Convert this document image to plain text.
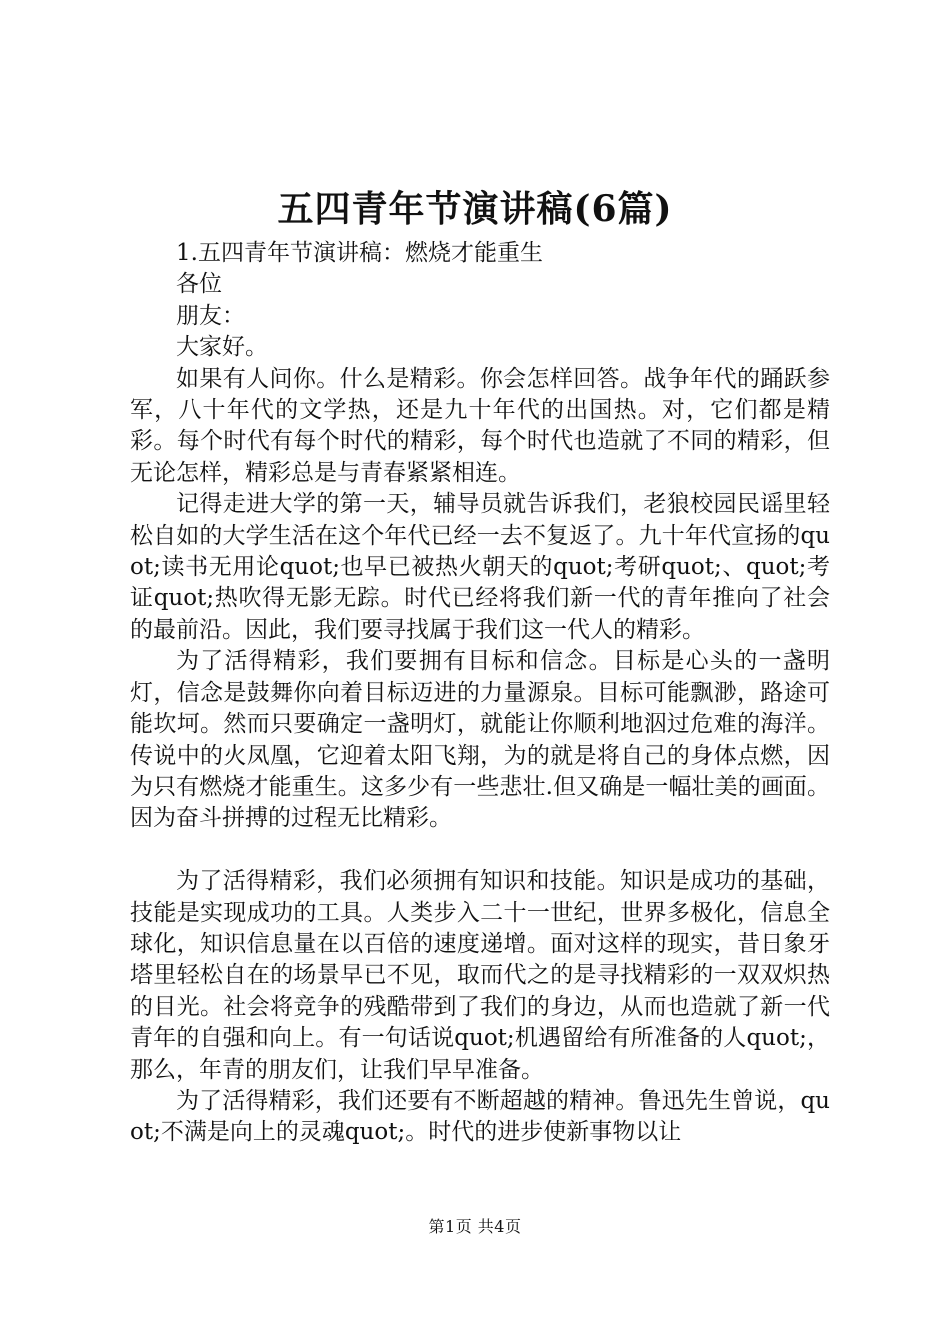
五四青年节演讲稿(6篇)

1.五四青年节演讲稿：燃烧才能重生

各位

朋友：

大家好。

如果有人问你。什么是精彩。你会怎样回答。战争年代的踊跃参军，八十年代的文学热，还是九十年代的出国热。对，它们都是精彩。每个时代有每个时代的精彩，每个时代也造就了不同的精彩，但无论怎样，精彩总是与青春紧紧相连。

记得走进大学的第一天，辅导员就告诉我们，老狼校园民谣里轻松自如的大学生活在这个年代已经一去不复返了。九十年代宣扬的quot;读书无用论quot;也早已被热火朝天的quot;考研quot;、quot;考证quot;热吹得无影无踪。时代已经将我们新一代的青年推向了社会的最前沿。因此，我们要寻找属于我们这一代人的精彩。

为了活得精彩，我们要拥有目标和信念。目标是心头的一盏明灯，信念是鼓舞你向着目标迈进的力量源泉。目标可能飘渺，路途可能坎坷。然而只要确定一盏明灯，就能让你顺利地泅过危难的海洋。传说中的火凤凰，它迎着太阳飞翔，为的就是将自己的身体点燃，因为只有燃烧才能重生。这多少有一些悲壮.但又确是一幅壮美的画面。因为奋斗拼搏的过程无比精彩。

为了活得精彩，我们必须拥有知识和技能。知识是成功的基础，技能是实现成功的工具。人类步入二十一世纪，世界多极化，信息全球化，知识信息量在以百倍的速度递增。面对这样的现实，昔日象牙塔里轻松自在的场景早已不见，取而代之的是寻找精彩的一双双炽热的目光。社会将竞争的残酷带到了我们的身边，从而也造就了新一代青年的自强和向上。有一句话说quot;机遇留给有所准备的人quot;，那么，年青的朋友们，让我们早早准备。

为了活得精彩，我们还要有不断超越的精神。鲁迅先生曾说，quot;不满是向上的灵魂quot;。时代的进步使新事物以让

第1页 共4页
